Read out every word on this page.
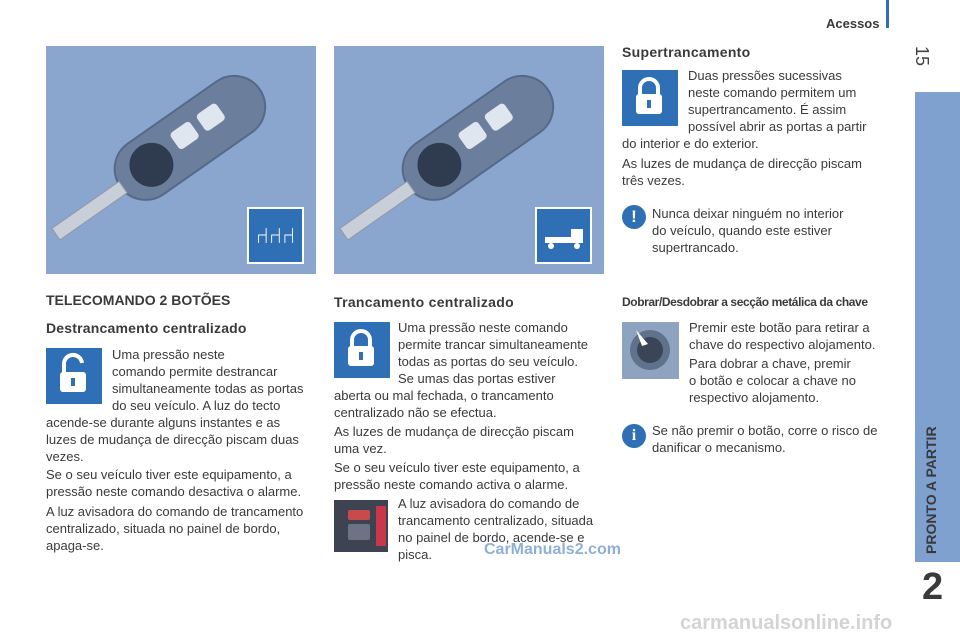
Acessos
15
PRONTO A PARTIR
2
⑁⑁⑁
TELECOMANDO 2 BOTÕES
Destrancamento centralizado
Uma pressão neste
comando permite destrancar
simultaneamente todas as portas
do seu veículo. A luz do tecto
acende-se durante alguns instantes e as
luzes de mudança de direcção piscam duas
vezes.
Se o seu veículo tiver este equipamento, a
pressão neste comando desactiva o alarme.
A luz avisadora do comando de trancamento
centralizado, situada no painel de bordo,
apaga-se.
Trancamento centralizado
Uma pressão neste comando
permite trancar simultaneamente
todas as portas do seu veículo.
Se umas das portas estiver
aberta ou mal fechada, o trancamento
centralizado não se efectua.
As luzes de mudança de direcção piscam
uma vez.
Se o seu veículo tiver este equipamento, a
pressão neste comando activa o alarme.
A luz avisadora do comando de
trancamento centralizado, situada
no painel de bordo, acende-se e
pisca.	CarManuals2.com
Supertrancamento
Duas pressões sucessivas
neste comando permitem um
supertrancamento. É assim
possível abrir as portas a partir
do interior e do exterior.
As luzes de mudança de direcção piscam
três vezes.
!	Nunca deixar ninguém no interior
do veículo, quando este estiver
supertrancado.
Dobrar/Desdobrar a secção metálica da chave
Premir este botão para retirar a
chave do respectivo alojamento.
Para dobrar a chave, premir
o botão e colocar a chave no
respectivo alojamento.
i	Se não premir o botão, corre o risco de
danificar o mecanismo.
carmanualsonline.info
